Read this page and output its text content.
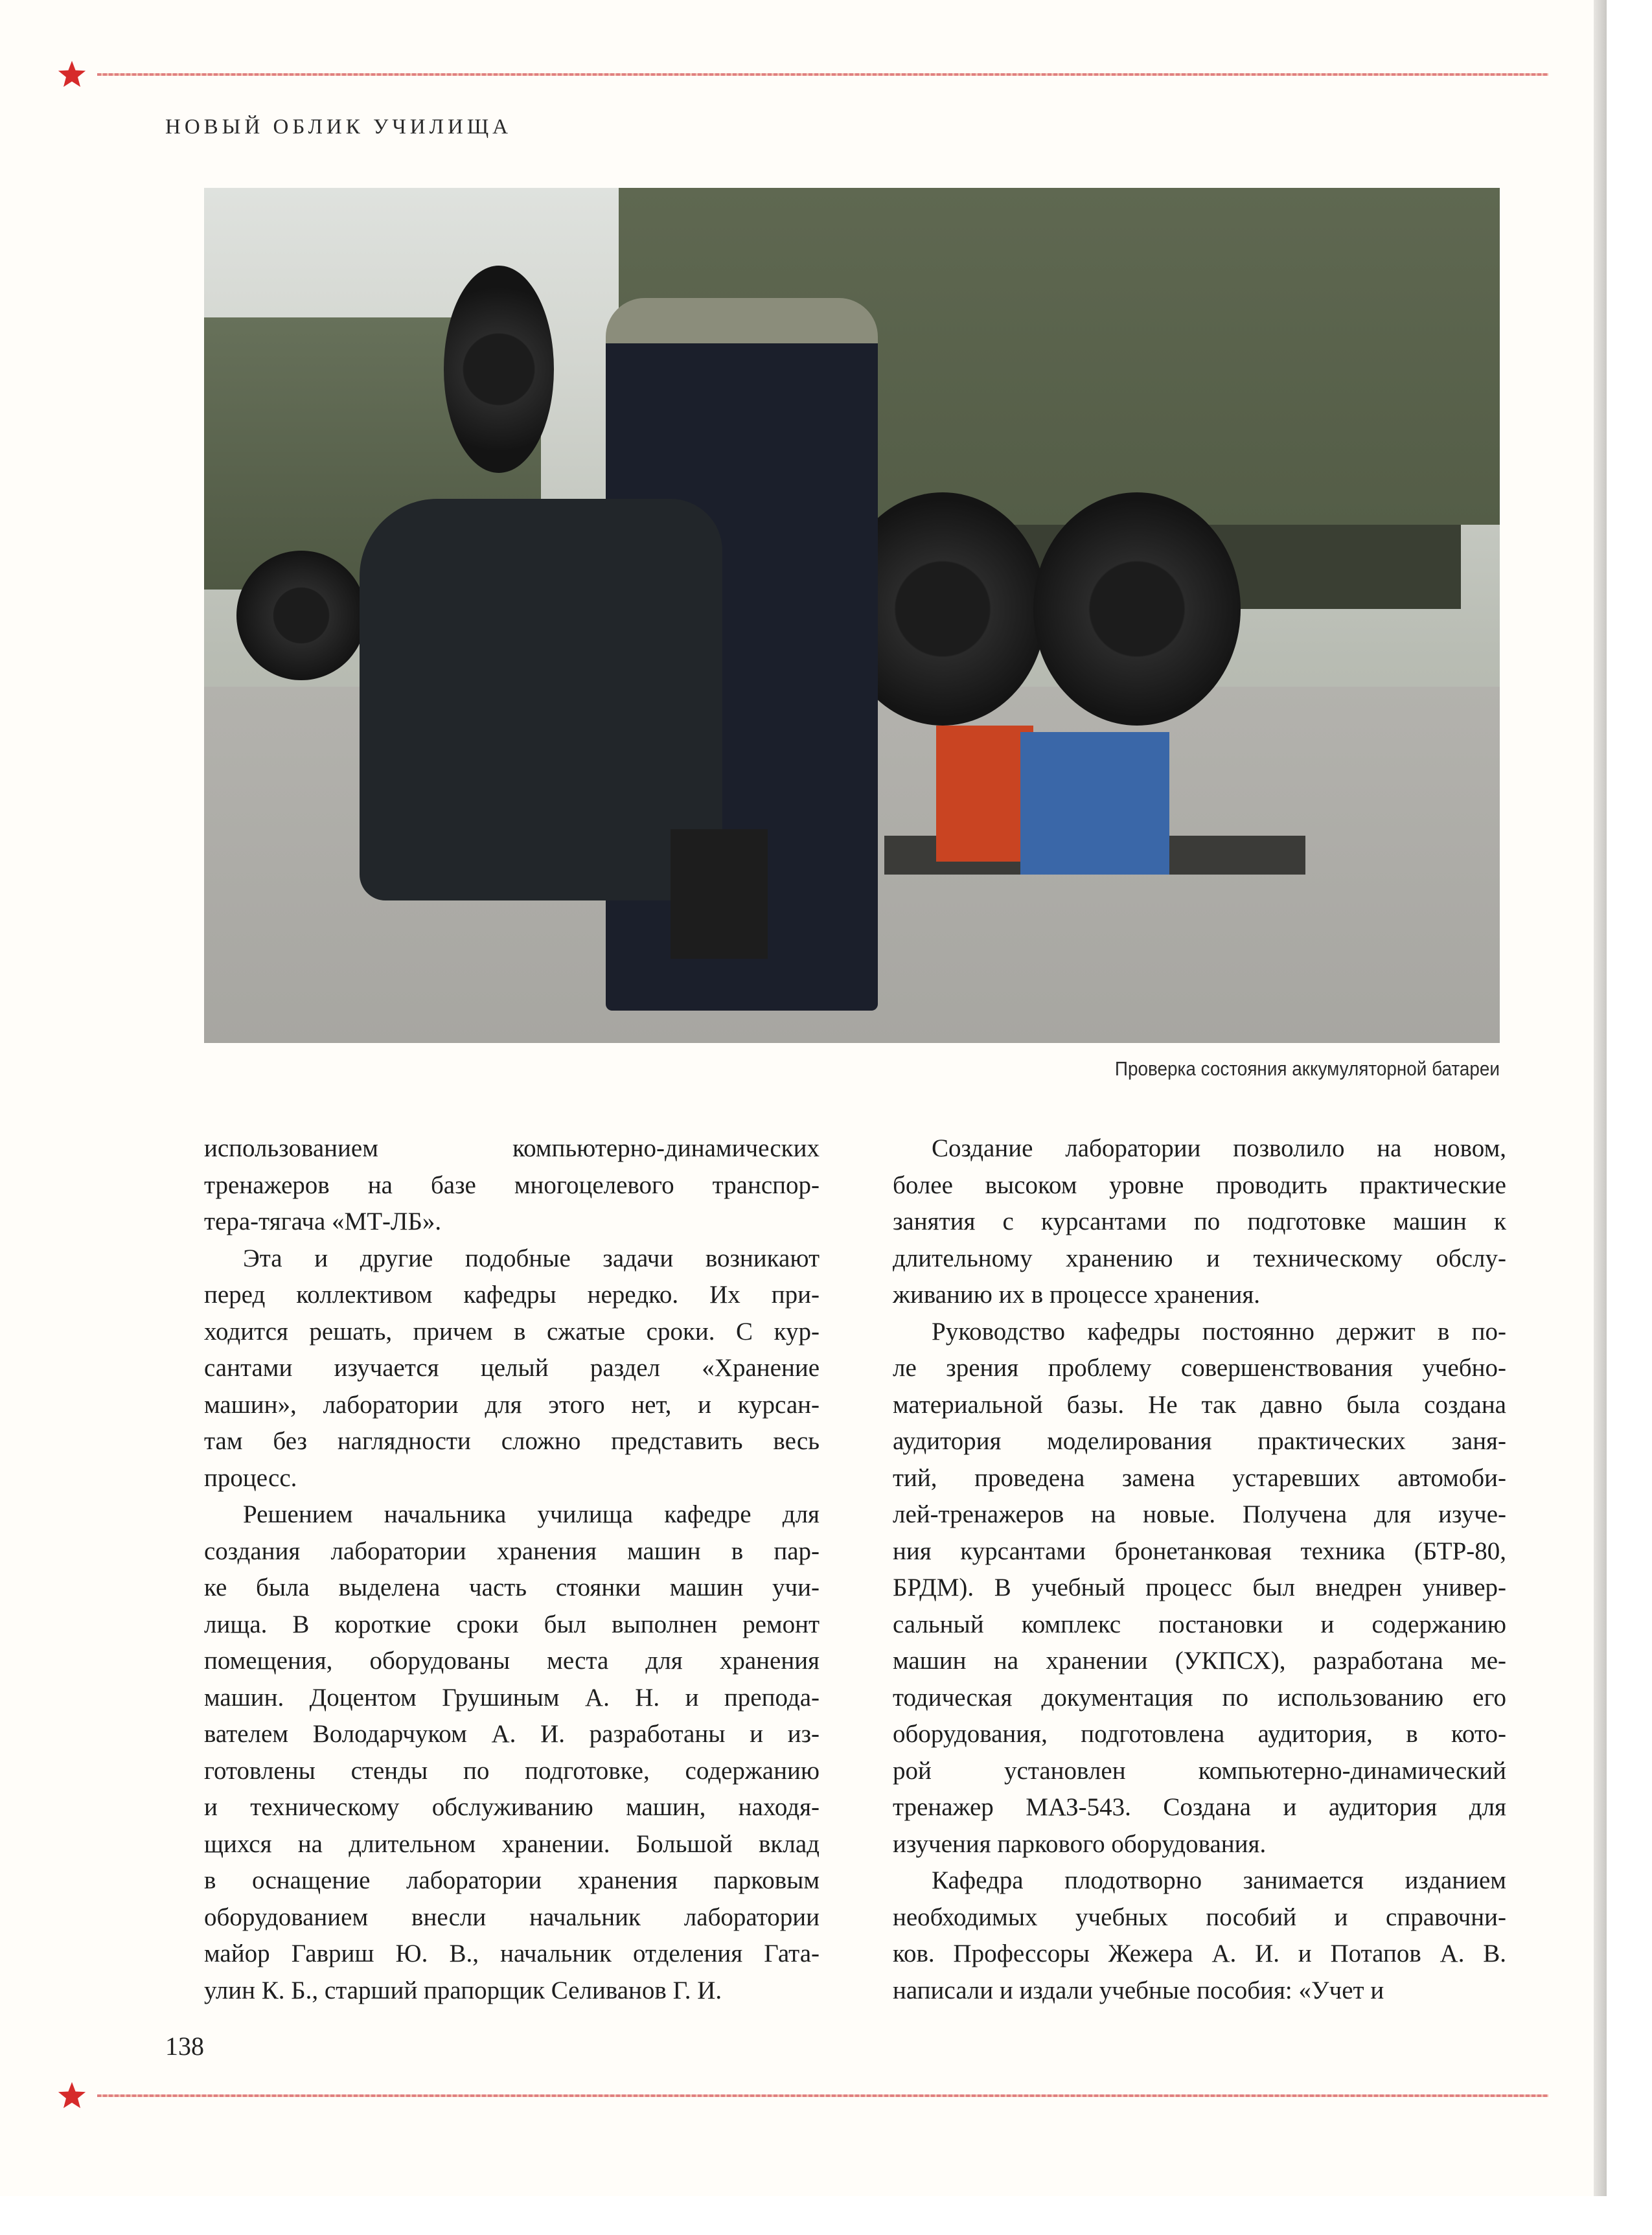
НОВЫЙ ОБЛИК УЧИЛИЩА
Проверка состояния аккумуляторной батареи

использованием компьютерно-динамических
тренажеров на базе многоцелевого транспор-
тера-тягача «МТ-ЛБ».

Эта и другие подобные задачи возникают
перед коллективом кафедры нередко. Их при-
ходится решать, причем в сжатые сроки. С кур-
сантами изучается целый раздел «Хранение
машин», лаборатории для этого нет, и курсан-
там без наглядности сложно представить весь
процесс.

Решением начальника училища кафедре для
создания лаборатории хранения машин в пар-
ке была выделена часть стоянки машин учи-
лища. В короткие сроки был выполнен ремонт
помещения, оборудованы места для хранения
машин. Доцентом Грушиным А. Н. и препода-
вателем Володарчуком А. И. разработаны и из-
готовлены стенды по подготовке, содержанию
и техническому обслуживанию машин, находя-
щихся на длительном хранении. Большой вклад
в оснащение лаборатории хранения парковым
оборудованием внесли начальник лаборатории
майор Гавриш Ю. В., начальник отделения Гата-
улин К. Б., старший прапорщик Селиванов Г. И.

Создание лаборатории позволило на новом,
более высоком уровне проводить практические
занятия с курсантами по подготовке машин к
длительному хранению и техническому обслу-
живанию их в процессе хранения.

Руководство кафедры постоянно держит в по-
ле зрения проблему совершенствования учебно-
материальной базы. Не так давно была создана
аудитория моделирования практических заня-
тий, проведена замена устаревших автомоби-
лей-тренажеров на новые. Получена для изуче-
ния курсантами бронетанковая техника (БТР-80,
БРДМ). В учебный процесс был внедрен универ-
сальный комплекс постановки и содержанию
машин на хранении (УКПСХ), разработана ме-
тодическая документация по использованию его
оборудования, подготовлена аудитория, в кото-
рой установлен компьютерно-динамический
тренажер МАЗ-543. Создана и аудитория для
изучения паркового оборудования.

Кафедра плодотворно занимается изданием
необходимых учебных пособий и справочни-
ков. Профессоры Жежера А. И. и Потапов А. В.
написали и издали учебные пособия: «Учет и

138
